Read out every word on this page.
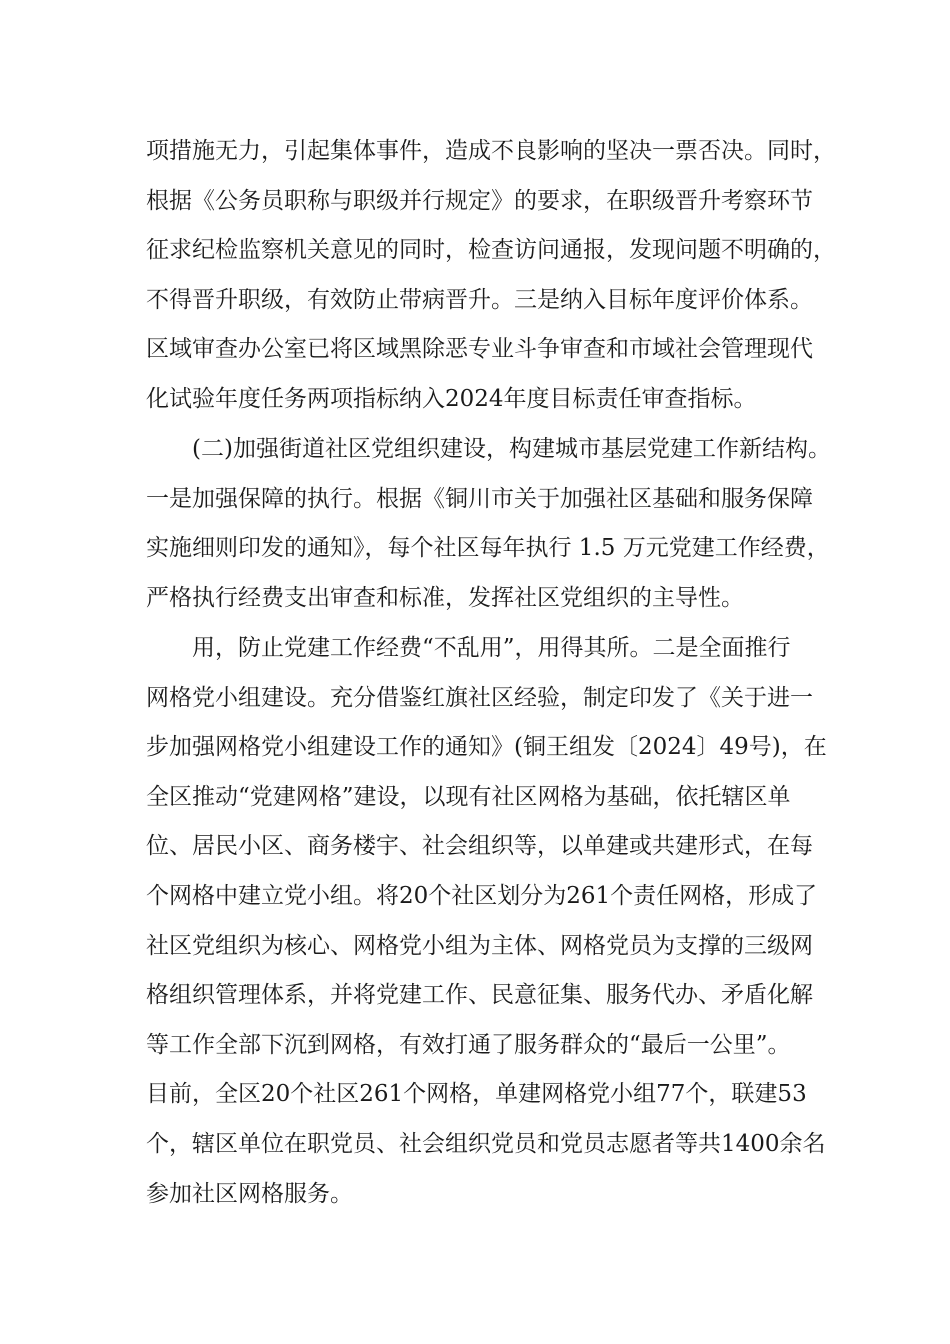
项措施无力，引起集体事件，造成不良影响的坚决一票否决。同时，
根据《公务员职称与职级并行规定》的要求，在职级晋升考察环节
征求纪检监察机关意见的同时，检查访问通报，发现问题不明确的，
不得晋升职级，有效防止带病晋升。三是纳入目标年度评价体系。
区域审查办公室已将区域黑除恶专业斗争审查和市域社会管理现代
化试验年度任务两项指标纳入2024年度目标责任审查指标。
(二)加强街道社区党组织建设，构建城市基层党建工作新结构。
一是加强保障的执行。根据《铜川市关于加强社区基础和服务保障
实施细则印发的通知》，每个社区每年执行 1.5 万元党建工作经费，
严格执行经费支出审查和标准，发挥社区党组织的主导性。
用，防止党建工作经费“不乱用”，用得其所。二是全面推行
网格党小组建设。充分借鉴红旗社区经验，制定印发了《关于进一
步加强网格党小组建设工作的通知》(铜王组发〔2024〕49号)，在
全区推动“党建网格”建设，以现有社区网格为基础，依托辖区单
位、居民小区、商务楼宇、社会组织等，以单建或共建形式，在每
个网格中建立党小组。将20个社区划分为261个责任网格，形成了
社区党组织为核心、网格党小组为主体、网格党员为支撑的三级网
格组织管理体系，并将党建工作、民意征集、服务代办、矛盾化解
等工作全部下沉到网格，有效打通了服务群众的“最后一公里”。
目前，全区20个社区261个网格，单建网格党小组77个，联建53
个，辖区单位在职党员、社会组织党员和党员志愿者等共1400余名
参加社区网格服务。
